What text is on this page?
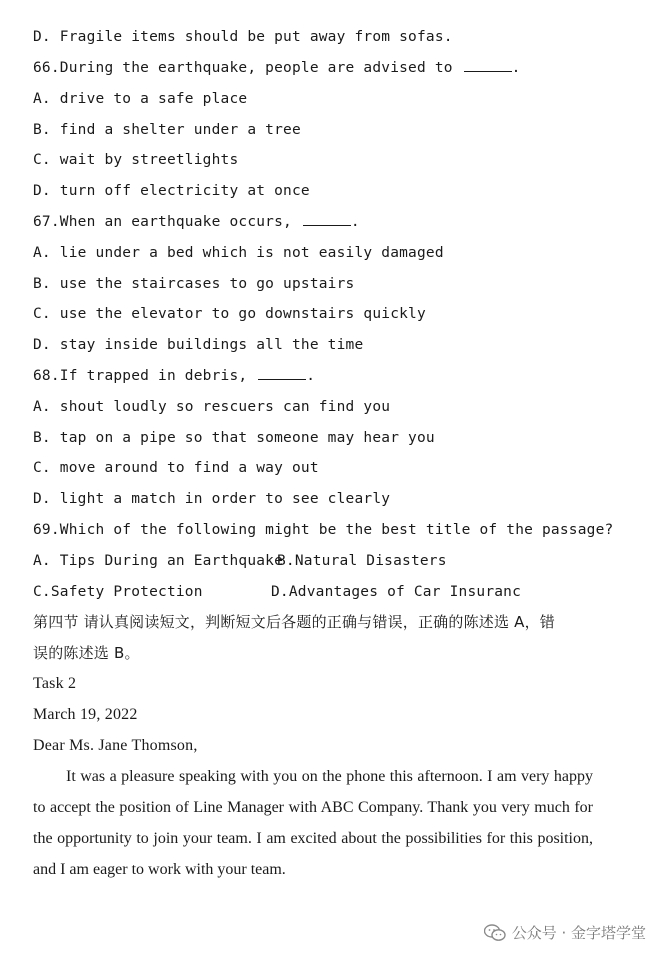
D. Fragile items should be put away from sofas.
66.During the earthquake, people are advised to	.
A. drive to a safe place
B. find a shelter under a tree
C. wait by streetlights
D. turn off electricity at once
67.When an earthquake occurs,	.
A. lie under a bed which is not easily damaged
B. use the staircases to go upstairs
C. use the elevator to go downstairs quickly
D. stay inside buildings all the time
68.If trapped in debris,	.
A. shout loudly so rescuers can find you
B. tap on a pipe so that someone may hear you
C. move around to find a way out
D. light a match in order to see clearly
69.Which of the following might be the best title of the passage?
A. Tips During an Earthquake
B.Natural Disasters
C.Safety Protection	D.Advantages of Car Insuranc
第四节 请认真阅读短文，判断短文后各题的正确与错误，正确的陈述选 A，错
误的陈述选 B。
Task 2
March 19, 2022
Dear Ms. Jane Thomson,
It was a pleasure speaking with you on the phone this afternoon. I am very happy to accept the position of Line Manager with ABC Company. Thank you very much for the opportunity to join your team. I am excited about the possibilities for this position, and I am eager to work with your team.
公众号 · 金字塔学堂
